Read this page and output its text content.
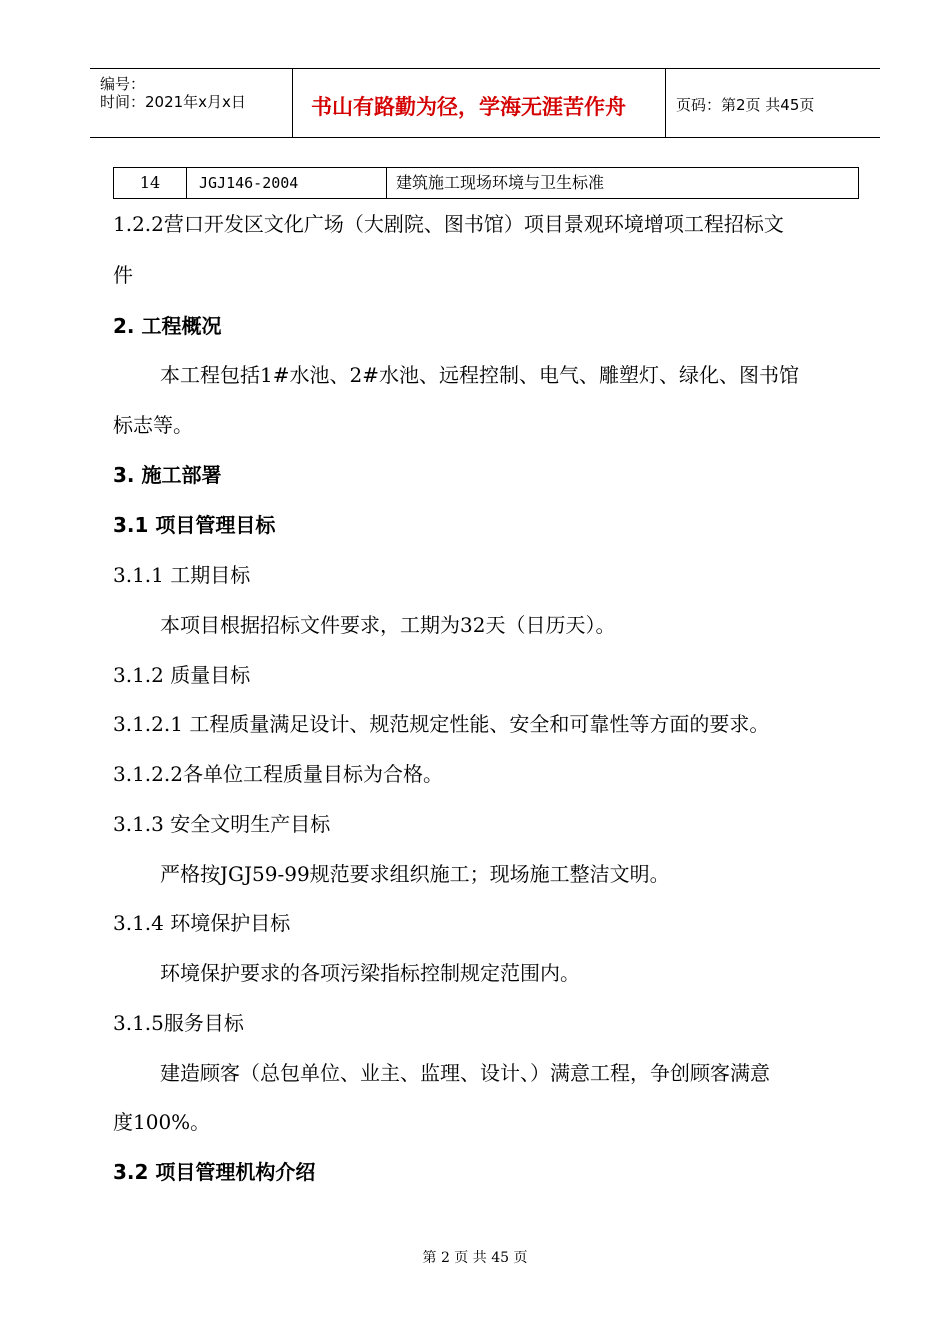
编号：
时间：2021年x月x日	书山有路勤为径，学海无涯苦作舟	页码：第2页 共45页
14	JGJ146-2004	建筑施工现场环境与卫生标准
1.2.2营口开发区文化广场（大剧院、图书馆）项目景观环境增项工程招标文
件
2. 工程概况
本工程包括1#水池、2#水池、远程控制、电气、雕塑灯、绿化、图书馆
标志等。
3. 施工部署
3.1 项目管理目标
3.1.1 工期目标
本项目根据招标文件要求，工期为32天（日历天）。
3.1.2 质量目标
3.1.2.1 工程质量满足设计、规范规定性能、安全和可靠性等方面的要求。
3.1.2.2各单位工程质量目标为合格。
3.1.3 安全文明生产目标
严格按JGJ59-99规范要求组织施工；现场施工整洁文明。
3.1.4 环境保护目标
环境保护要求的各项污梁指标控制规定范围内。
3.1.5服务目标
建造顾客（总包单位、业主、监理、设计、）满意工程，争创顾客满意
度100%。
3.2 项目管理机构介绍
第 2 页 共 45 页
